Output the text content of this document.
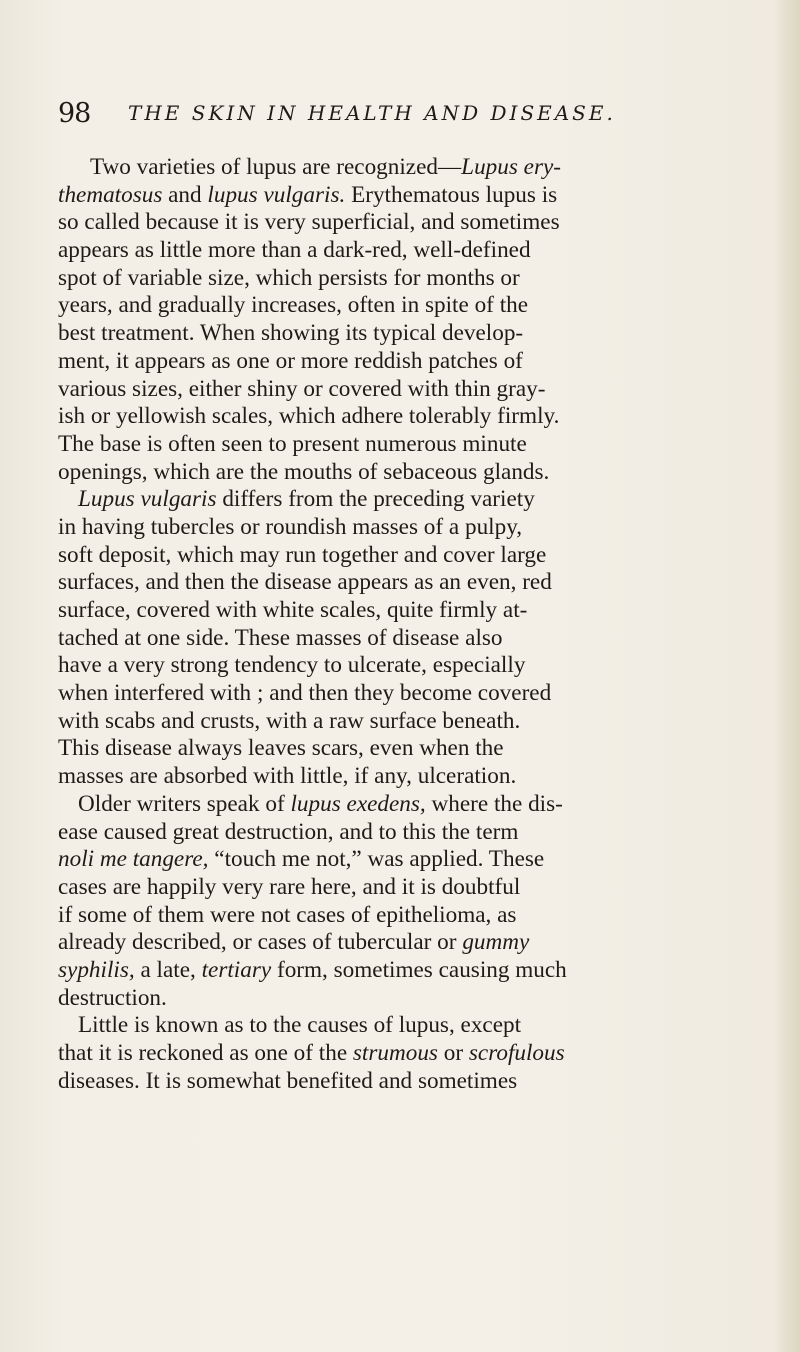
98 THE SKIN IN HEALTH AND DISEASE.
Two varieties of lupus are recognized—Lupus ery-
thematosus and lupus vulgaris. Erythematous lupus is
so called because it is very superficial, and sometimes
appears as little more than a dark-red, well-defined
spot of variable size, which persists for months or
years, and gradually increases, often in spite of the
best treatment. When showing its typical develop-
ment, it appears as one or more reddish patches of
various sizes, either shiny or covered with thin gray-
ish or yellowish scales, which adhere tolerably firmly.
The base is often seen to present numerous minute
openings, which are the mouths of sebaceous glands.
Lupus vulgaris differs from the preceding variety
in having tubercles or roundish masses of a pulpy,
soft deposit, which may run together and cover large
surfaces, and then the disease appears as an even, red
surface, covered with white scales, quite firmly at-
tached at one side. These masses of disease also
have a very strong tendency to ulcerate, especially
when interfered with ; and then they become covered
with scabs and crusts, with a raw surface beneath.
This disease always leaves scars, even when the
masses are absorbed with little, if any, ulceration.
Older writers speak of lupus exedens, where the dis-
ease caused great destruction, and to this the term
noli me tangere, “touch me not,” was applied. These
cases are happily very rare here, and it is doubtful
if some of them were not cases of epithelioma, as
already described, or cases of tubercular or gummy
syphilis, a late, tertiary form, sometimes causing much
destruction.
Little is known as to the causes of lupus, except
that it is reckoned as one of the strumous or scrofulous
diseases. It is somewhat benefited and sometimes
